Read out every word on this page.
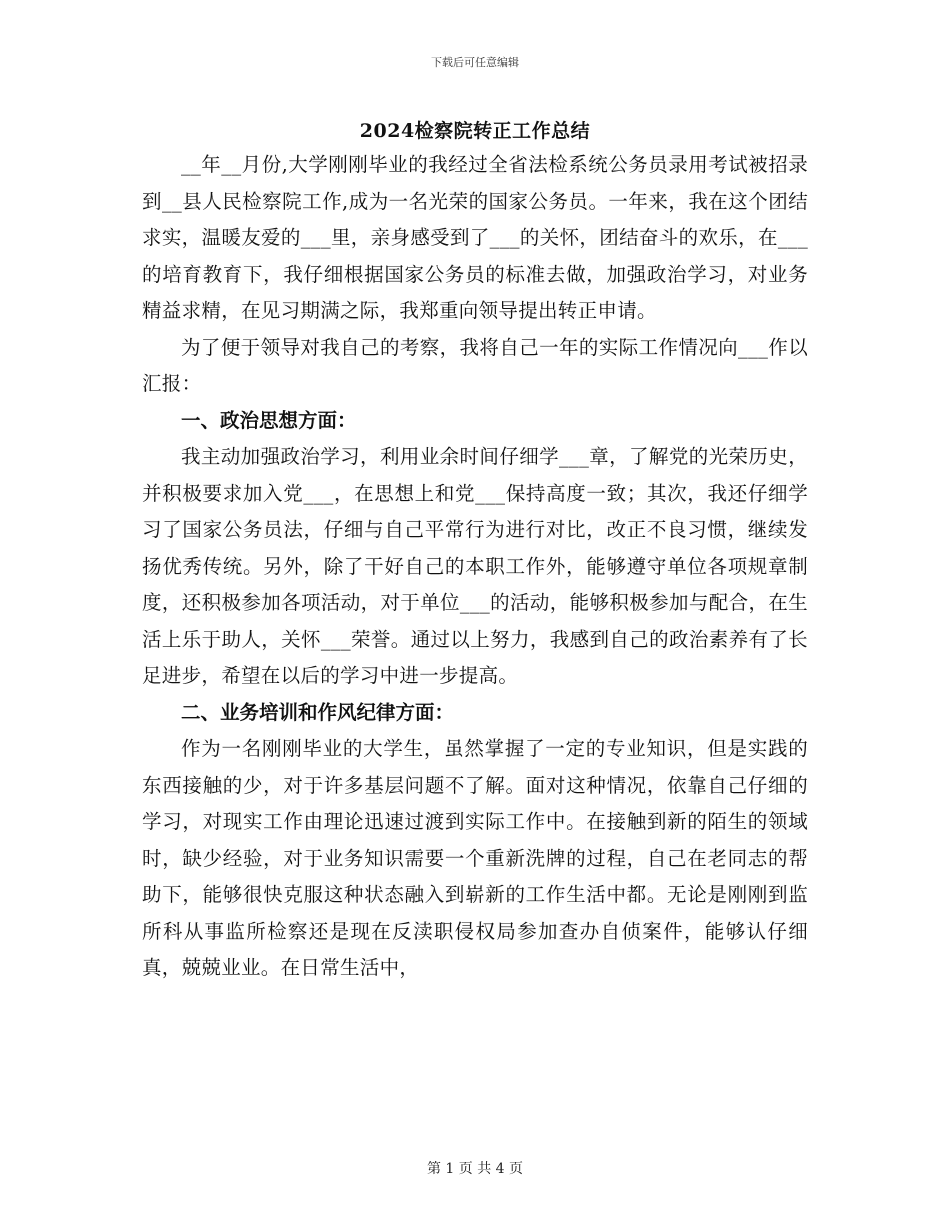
下载后可任意编辑
2024检察院转正工作总结

__年__月份,大学刚刚毕业的我经过全省法检系统公务员录用考试被招录到__县人民检察院工作,成为一名光荣的国家公务员。一年来，我在这个团结求实，温暖友爱的___里，亲身感受到了___的关怀，团结奋斗的欢乐，在___的培育教育下，我仔细根据国家公务员的标准去做，加强政治学习，对业务精益求精，在见习期满之际，我郑重向领导提出转正申请。

为了便于领导对我自己的考察，我将自己一年的实际工作情况向___作以汇报：

一、政治思想方面：

我主动加强政治学习，利用业余时间仔细学___章，了解党的光荣历史，并积极要求加入党___，在思想上和党___保持高度一致；其次，我还仔细学习了国家公务员法，仔细与自己平常行为进行对比，改正不良习惯，继续发扬优秀传统。另外，除了干好自己的本职工作外，能够遵守单位各项规章制度，还积极参加各项活动，对于单位___的活动，能够积极参加与配合，在生活上乐于助人，关怀___荣誉。通过以上努力，我感到自己的政治素养有了长足进步，希望在以后的学习中进一步提高。

二、业务培训和作风纪律方面：

作为一名刚刚毕业的大学生，虽然掌握了一定的专业知识，但是实践的东西接触的少，对于许多基层问题不了解。面对这种情况，依靠自己仔细的学习，对现实工作由理论迅速过渡到实际工作中。在接触到新的陌生的领域时，缺少经验，对于业务知识需要一个重新洗牌的过程，自己在老同志的帮助下，能够很快克服这种状态融入到崭新的工作生活中都。无论是刚刚到监所科从事监所检察还是现在反渎职侵权局参加查办自侦案件，能够认仔细真，兢兢业业。在日常生活中，

第 1 页 共 4 页
